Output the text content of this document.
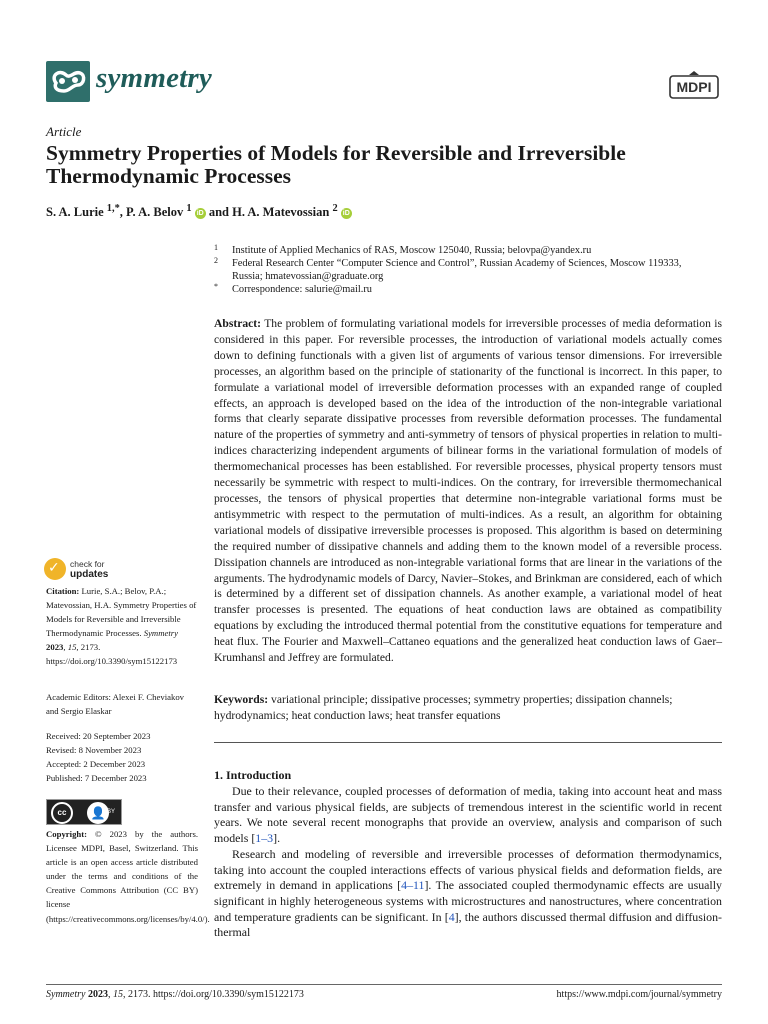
symmetry	MDPI
Article
Symmetry Properties of Models for Reversible and Irreversible Thermodynamic Processes
S. A. Lurie $^{1,*}$, P. A. Belov $^1$ iD and H. A. Matevossian $^2$ iD
1 Institute of Applied Mechanics of RAS, Moscow 125040, Russia; belovpa@yandex.ru
2 Federal Research Center “Computer Science and Control”, Russian Academy of Sciences, Moscow 119333, Russia; hmatevossian@graduate.org
* Correspondence: salurie@mail.ru
Abstract: The problem of formulating variational models for irreversible processes of media deformation is considered in this paper. For reversible processes, the introduction of variational models actually comes down to defining functionals with a given list of arguments of various tensor dimensions. For irreversible processes, an algorithm based on the principle of stationarity of the functional is incorrect. In this paper, to formulate a variational model of irreversible deformation processes with an expanded range of coupled effects, an approach is developed based on the idea of the introduction of the non-integrable variational forms that clearly separate dissipative processes from reversible deformation processes. The fundamental nature of the properties of symmetry and anti-symmetry of tensors of physical properties in relation to multi-indices characterizing independent arguments of bilinear forms in the variational formulation of models of thermomechanical processes has been established. For reversible processes, physical property tensors must necessarily be symmetric with respect to multi-indices. On the contrary, for irreversible thermomechanical processes, the tensors of physical properties that determine non-integrable variational forms must be antisymmetric with respect to the permutation of multi-indices. As a result, an algorithm for obtaining variational models of dissipative irreversible processes is proposed. This algorithm is based on determining the required number of dissipative channels and adding them to the known model of a reversible process. Dissipation channels are introduced as non-integrable variational forms that are linear in the variations of the arguments. The hydrodynamic models of Darcy, Navier–Stokes, and Brinkman are considered, each of which is determined by a different set of dissipation channels. As another example, a variational model of heat transfer processes is presented. The equations of heat conduction laws are obtained as compatibility equations by excluding the introduced thermal potential from the constitutive equations for temperature and heat flux. The Fourier and Maxwell–Cattaneo equations and the generalized heat conduction laws of Gaer–Krumhansl and Jeffrey are formulated.
Keywords: variational principle; dissipative processes; symmetry properties; dissipation channels; hydrodynamics; heat conduction laws; heat transfer equations
1. Introduction

Due to their relevance, coupled processes of deformation of media, taking into account heat and mass transfer and various physical fields, are subjects of tremendous interest in the scientific world in recent years. We note several recent monographs that provide an overview, analysis and comparison of such models [1–3].

Research and modeling of reversible and irreversible processes of deformation thermodynamics, taking into account the coupled interactions effects of various physical fields and deformation fields, are extremely in demand in applications [4–11]. The associated coupled thermodynamic effects are usually significant in highly heterogeneous systems with microstructures and nanostructures, where concentration and temperature gradients can be significant. In [4], the authors discussed thermal diffusion and diffusion-thermal

✓ check for
updates
Citation: Lurie, S.A.; Belov, P.A.; Matevossian, H.A. Symmetry Properties of Models for Reversible and Irreversible Thermodynamic Processes. Symmetry 2023, 15, 2173. https://doi.org/10.3390/sym15122173
Academic Editors: Alexei F. Cheviakov and Sergio Elaskar
Received: 20 September 2023
Revised: 8 November 2023
Accepted: 2 December 2023
Published: 7 December 2023
cc	👤 BY
Copyright: © 2023 by the authors. Licensee MDPI, Basel, Switzerland. This article is an open access article distributed under the terms and conditions of the Creative Commons Attribution (CC BY) license (https://creativecommons.org/licenses/by/4.0/).
Symmetry 2023, 15, 2173. https://doi.org/10.3390/sym15122173	https://www.mdpi.com/journal/symmetry
